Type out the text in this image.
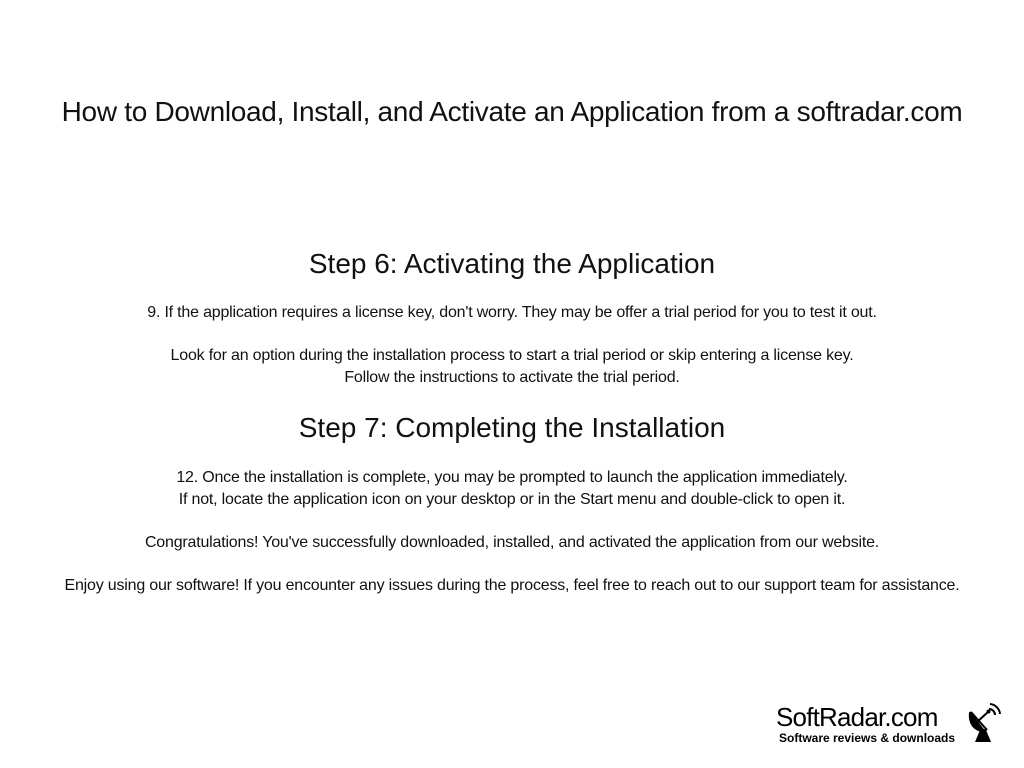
How to Download, Install, and Activate an Application from a softradar.com
Step 6: Activating the Application

9. If the application requires a license key, don't worry. They may be offer a trial period for you to test it out.

Look for an option during the installation process to start a trial period or skip entering a license key.
Follow the instructions to activate the trial period.

Step 7: Completing the Installation

12. Once the installation is complete, you may be prompted to launch the application immediately.
If not, locate the application icon on your desktop or in the Start menu and double-click to open it.

Congratulations! You've successfully downloaded, installed, and activated the application from our website.

Enjoy using our software! If you encounter any issues during the process, feel free to reach out to our support team for assistance.

SoftRadar.com
Software reviews & downloads
